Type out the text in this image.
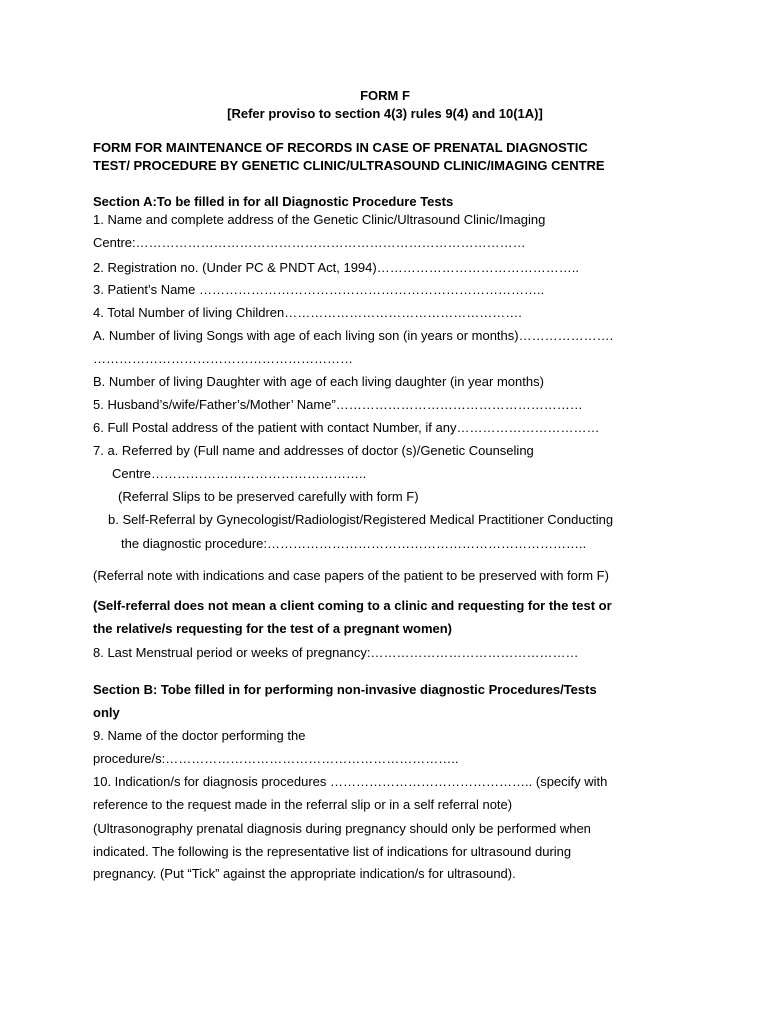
FORM F
[Refer proviso to section 4(3) rules 9(4) and 10(1A)]
FORM FOR MAINTENANCE OF RECORDS IN CASE OF PRENATAL DIAGNOSTIC
TEST/ PROCEDURE BY GENETIC CLINIC/ULTRASOUND CLINIC/IMAGING CENTRE
Section A:To be filled in for all Diagnostic Procedure Tests
1. Name and complete address of the Genetic Clinic/Ultrasound Clinic/Imaging
Centre:………………………………………………………………………………
2. Registration no. (Under PC & PNDT Act, 1994)………………………………………..
3. Patient’s Name ……………………………………………………………………..
4. Total Number of living Children……………………………………………….
A. Number of living Songs with age of each living son (in years or months)………………….
……………………………………………………
B. Number of living Daughter with age of each living daughter (in year months)
5. Husband’s/wife/Father’s/Mother’ Name”…………………………………………………
6. Full Postal address of the patient with contact Number, if any……………………………
7. a. Referred by (Full name and addresses of doctor (s)/Genetic Counseling
Centre…………………………………………..
(Referral Slips to be preserved carefully with form F)
b. Self-Referral by Gynecologist/Radiologist/Registered Medical Practitioner Conducting
the diagnostic procedure:………………………………………………………………..
(Referral note with indications and case papers of the patient to be preserved with form F)
(Self-referral does not mean a client coming to a clinic and requesting for the test or
the relative/s requesting for the test of a pregnant women)
8. Last Menstrual period or weeks of pregnancy:…………………………………………
Section B: Tobe filled in for performing non-invasive diagnostic Procedures/Tests
only
9. Name of the doctor performing the
procedure/s:…………………………………………………………..
10. Indication/s for diagnosis procedures ……………………………………….. (specify with
reference to the request made in the referral slip or in a self referral note)
(Ultrasonography prenatal diagnosis during pregnancy should only be performed when
indicated. The following is the representative list of indications for ultrasound during
pregnancy. (Put “Tick” against the appropriate indication/s for ultrasound).
